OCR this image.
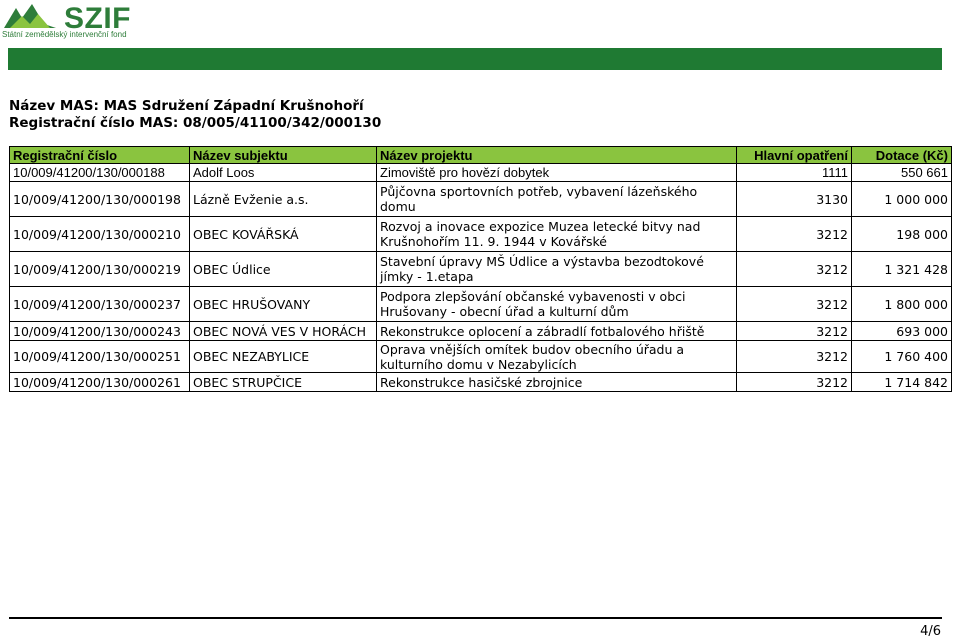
SZIF
Státní zemědělský intervenční fond
Název MAS: MAS Sdružení Západní Krušnohoří
Registrační číslo MAS: 08/005/41100/342/000130
Registrační číslo	Název subjektu	Název projektu	Hlavní opatření	Dotace (Kč)
10/009/41200/130/000188	Adolf Loos	Zimoviště pro hovězí dobytek	1111	550 661
10/009/41200/130/000198	Lázně Evženie a.s.	Půjčovna sportovních potřeb, vybavení lázeňského domu	3130	1 000 000
10/009/41200/130/000210	OBEC KOVÁŘSKÁ	Rozvoj a inovace expozice Muzea letecké bitvy nad Krušnohořím 11. 9. 1944 v Kovářské	3212	198 000
10/009/41200/130/000219	OBEC Údlice	Stavební úpravy MŠ Údlice a výstavba bezodtokové jímky - 1.etapa	3212	1 321 428
10/009/41200/130/000237	OBEC HRUŠOVANY	Podpora zlepšování občanské vybavenosti v obci Hrušovany - obecní úřad a kulturní dům	3212	1 800 000
10/009/41200/130/000243	OBEC NOVÁ VES V HORÁCH	Rekonstrukce oplocení a zábradlí fotbalového hřiště	3212	693 000
10/009/41200/130/000251	OBEC NEZABYLICE	Oprava vnějších omítek budov obecního úřadu a kulturního domu v Nezabylicích	3212	1 760 400
10/009/41200/130/000261	OBEC STRUPČICE	Rekonstrukce hasičské zbrojnice	3212	1 714 842
4/6
